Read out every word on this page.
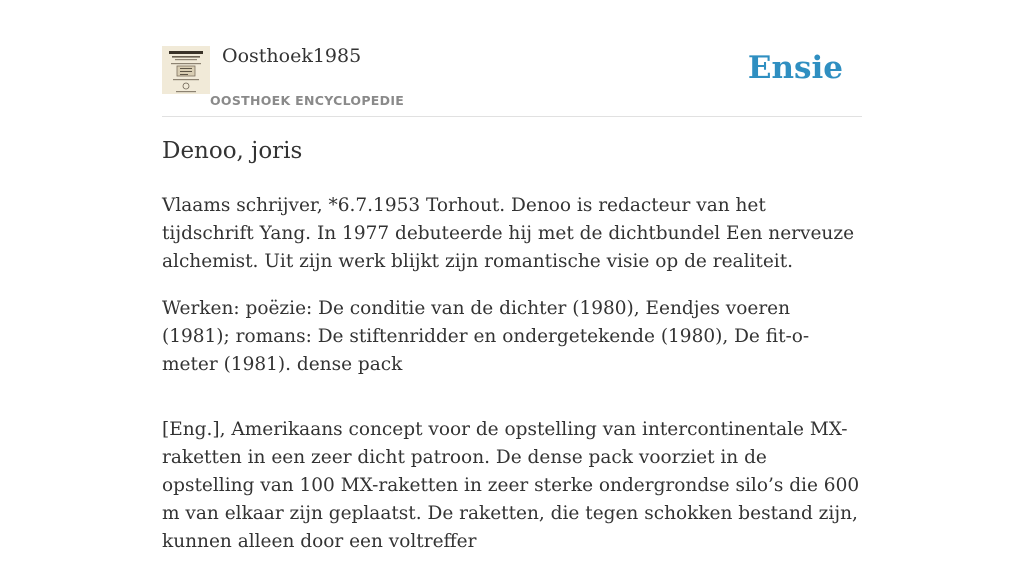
Oosthoek1985
OOSTHOEK ENCYCLOPEDIE
Ensie
Denoo, joris

Vlaams schrijver, *6.7.1953 Torhout. Denoo is redacteur van het tijdschrift Yang. In 1977 debuteerde hij met de dichtbundel Een nerveuze alchemist. Uit zijn werk blijkt zijn romantische visie op de realiteit.

Werken: poëzie: De conditie van de dichter (1980), Eendjes voeren (1981); romans: De stiftenridder en ondergetekende (1980), De fit-o-meter (1981). dense pack

[Eng.], Amerikaans concept voor de opstelling van intercontinentale MX-raketten in een zeer dicht patroon. De dense pack voorziet in de opstelling van 100 MX-raketten in zeer sterke ondergrondse silo’s die 600 m van elkaar zijn geplaatst. De raketten, die tegen schokken bestand zijn, kunnen alleen door een voltreffer
